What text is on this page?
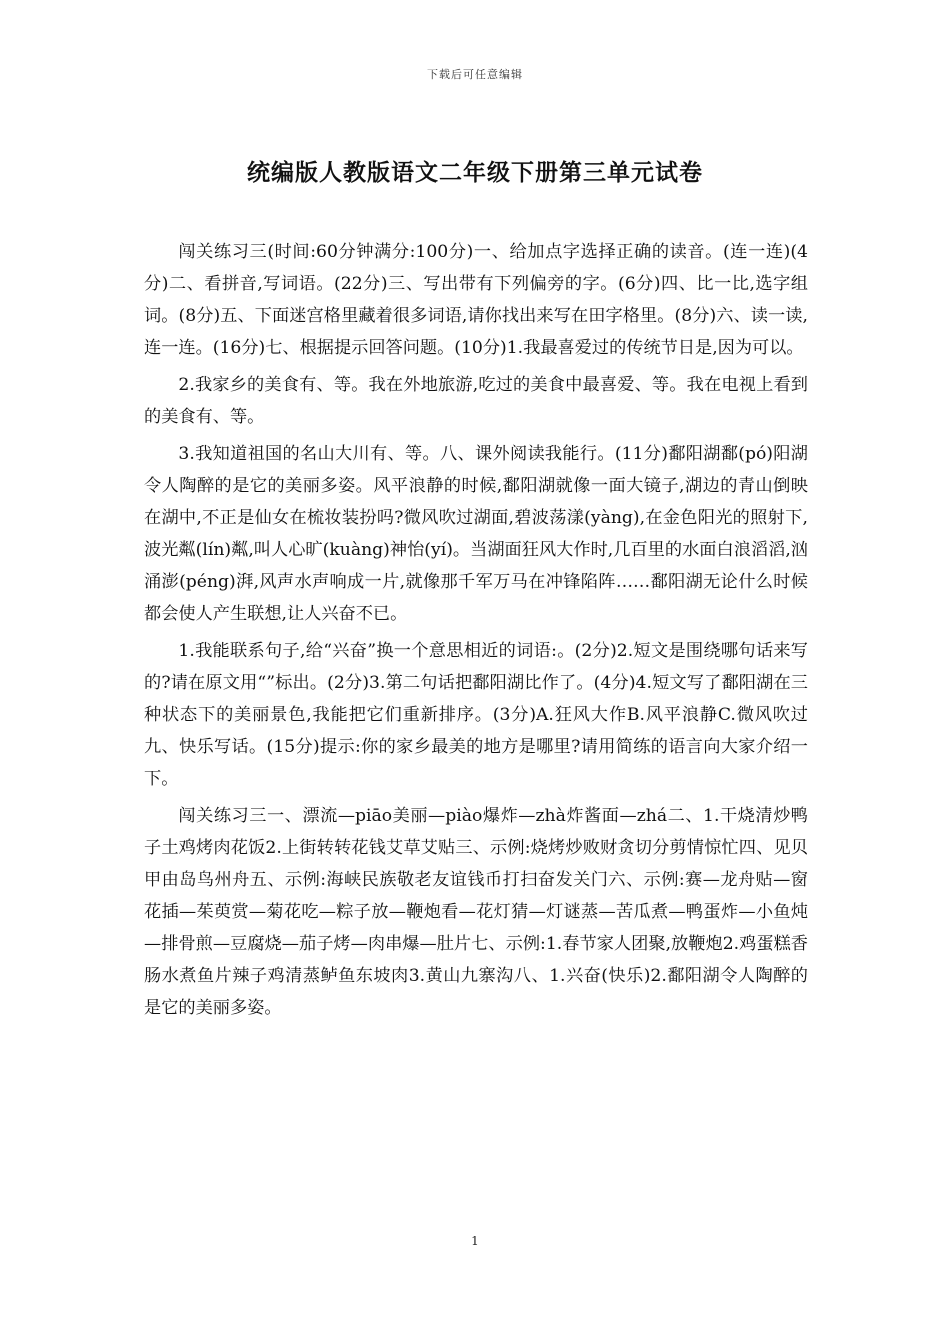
下载后可任意编辑
统编版人教版语文二年级下册第三单元试卷

闯关练习三(时间:60分钟满分:100分)一、给加点字选择正确的读音。(连一连)(4分)二、看拼音,写词语。(22分)三、写出带有下列偏旁的字。(6分)四、比一比,选字组词。(8分)五、下面迷宫格里藏着很多词语,请你找出来写在田字格里。(8分)六、读一读,连一连。(16分)七、根据提示回答问题。(10分)1.我最喜爱过的传统节日是,因为可以。

2.我家乡的美食有、等。我在外地旅游,吃过的美食中最喜爱、等。我在电视上看到的美食有、等。

3.我知道祖国的名山大川有、等。八、课外阅读我能行。(11分)鄱阳湖鄱(pó)阳湖令人陶醉的是它的美丽多姿。风平浪静的时候,鄱阳湖就像一面大镜子,湖边的青山倒映在湖中,不正是仙女在梳妆装扮吗?微风吹过湖面,碧波荡漾(yàng),在金色阳光的照射下,波光粼(lín)粼,叫人心旷(kuàng)神怡(yí)。当湖面狂风大作时,几百里的水面白浪滔滔,汹涌澎(péng)湃,风声水声响成一片,就像那千军万马在冲锋陷阵……鄱阳湖无论什么时候都会使人产生联想,让人兴奋不已。

1.我能联系句子,给“兴奋”换一个意思相近的词语:。(2分)2.短文是围绕哪句话来写的?请在原文用“”标出。(2分)3.第二句话把鄱阳湖比作了。(4分)4.短文写了鄱阳湖在三种状态下的美丽景色,我能把它们重新排序。(3分)A.狂风大作B.风平浪静C.微风吹过九、快乐写话。(15分)提示:你的家乡最美的地方是哪里?请用简练的语言向大家介绍一下。

闯关练习三一、漂流—piāo美丽—piào爆炸—zhà炸酱面—zhá二、1.干烧清炒鸭子土鸡烤肉花饭2.上街转转花钱艾草艾贴三、示例:烧烤炒败财贪切分剪情惊忙四、见贝甲由岛鸟州舟五、示例:海峡民族敬老友谊钱币打扫奋发关门六、示例:赛—龙舟贴—窗花插—茱萸赏—菊花吃—粽子放—鞭炮看—花灯猜—灯谜蒸—苦瓜煮—鸭蛋炸—小鱼炖—排骨煎—豆腐烧—茄子烤—肉串爆—肚片七、示例:1.春节家人团聚,放鞭炮2.鸡蛋糕香肠水煮鱼片辣子鸡清蒸鲈鱼东坡肉3.黄山九寨沟八、1.兴奋(快乐)2.鄱阳湖令人陶醉的是它的美丽多姿。

1
